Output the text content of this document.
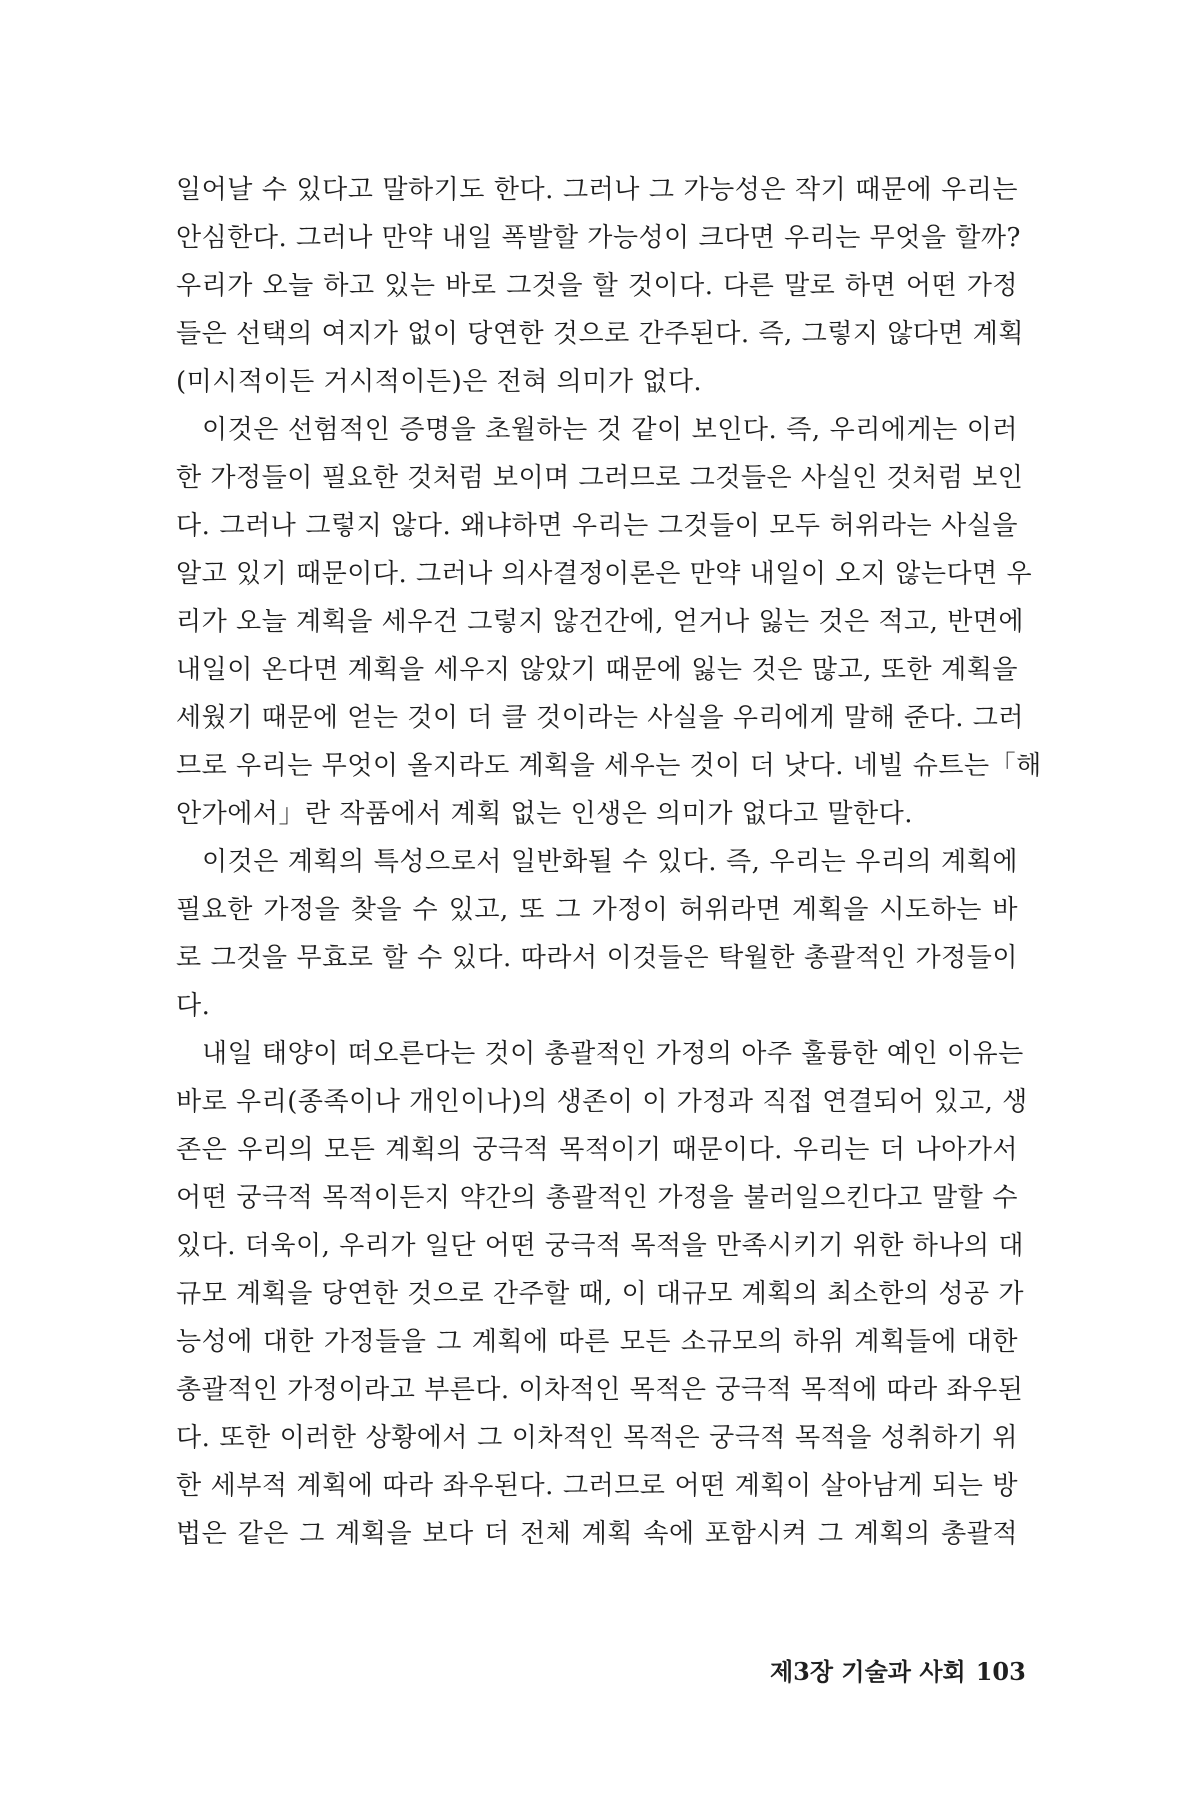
일어날 수 있다고 말하기도 한다. 그러나 그 가능성은 작기 때문에 우리는
안심한다. 그러나 만약 내일 폭발할 가능성이 크다면 우리는 무엇을 할까?
우리가 오늘 하고 있는 바로 그것을 할 것이다. 다른 말로 하면 어떤 가정
들은 선택의 여지가 없이 당연한 것으로 간주된다. 즉, 그렇지 않다면 계획
(미시적이든 거시적이든)은 전혀 의미가 없다.
이것은 선험적인 증명을 초월하는 것 같이 보인다. 즉, 우리에게는 이러
한 가정들이 필요한 것처럼 보이며 그러므로 그것들은 사실인 것처럼 보인
다. 그러나 그렇지 않다. 왜냐하면 우리는 그것들이 모두 허위라는 사실을
알고 있기 때문이다. 그러나 의사결정이론은 만약 내일이 오지 않는다면 우
리가 오늘 계획을 세우건 그렇지 않건간에, 얻거나 잃는 것은 적고, 반면에
내일이 온다면 계획을 세우지 않았기 때문에 잃는 것은 많고, 또한 계획을
세웠기 때문에 얻는 것이 더 클 것이라는 사실을 우리에게 말해 준다. 그러
므로 우리는 무엇이 올지라도 계획을 세우는 것이 더 낫다. 네빌 슈트는「해
안가에서」란 작품에서 계획 없는 인생은 의미가 없다고 말한다.
이것은 계획의 특성으로서 일반화될 수 있다. 즉, 우리는 우리의 계획에
필요한 가정을 찾을 수 있고, 또 그 가정이 허위라면 계획을 시도하는 바
로 그것을 무효로 할 수 있다. 따라서 이것들은 탁월한 총괄적인 가정들이
다.
내일 태양이 떠오른다는 것이 총괄적인 가정의 아주 훌륭한 예인 이유는
바로 우리(종족이나 개인이나)의 생존이 이 가정과 직접 연결되어 있고, 생
존은 우리의 모든 계획의 궁극적 목적이기 때문이다. 우리는 더 나아가서
어떤 궁극적 목적이든지 약간의 총괄적인 가정을 불러일으킨다고 말할 수
있다. 더욱이, 우리가 일단 어떤 궁극적 목적을 만족시키기 위한 하나의 대
규모 계획을 당연한 것으로 간주할 때, 이 대규모 계획의 최소한의 성공 가
능성에 대한 가정들을 그 계획에 따른 모든 소규모의 하위 계획들에 대한
총괄적인 가정이라고 부른다. 이차적인 목적은 궁극적 목적에 따라 좌우된
다. 또한 이러한 상황에서 그 이차적인 목적은 궁극적 목적을 성취하기 위
한 세부적 계획에 따라 좌우된다. 그러므로 어떤 계획이 살아남게 되는 방
법은 같은 그 계획을 보다 더 전체 계획 속에 포함시켜 그 계획의 총괄적
제3장 기술과 사회 103
